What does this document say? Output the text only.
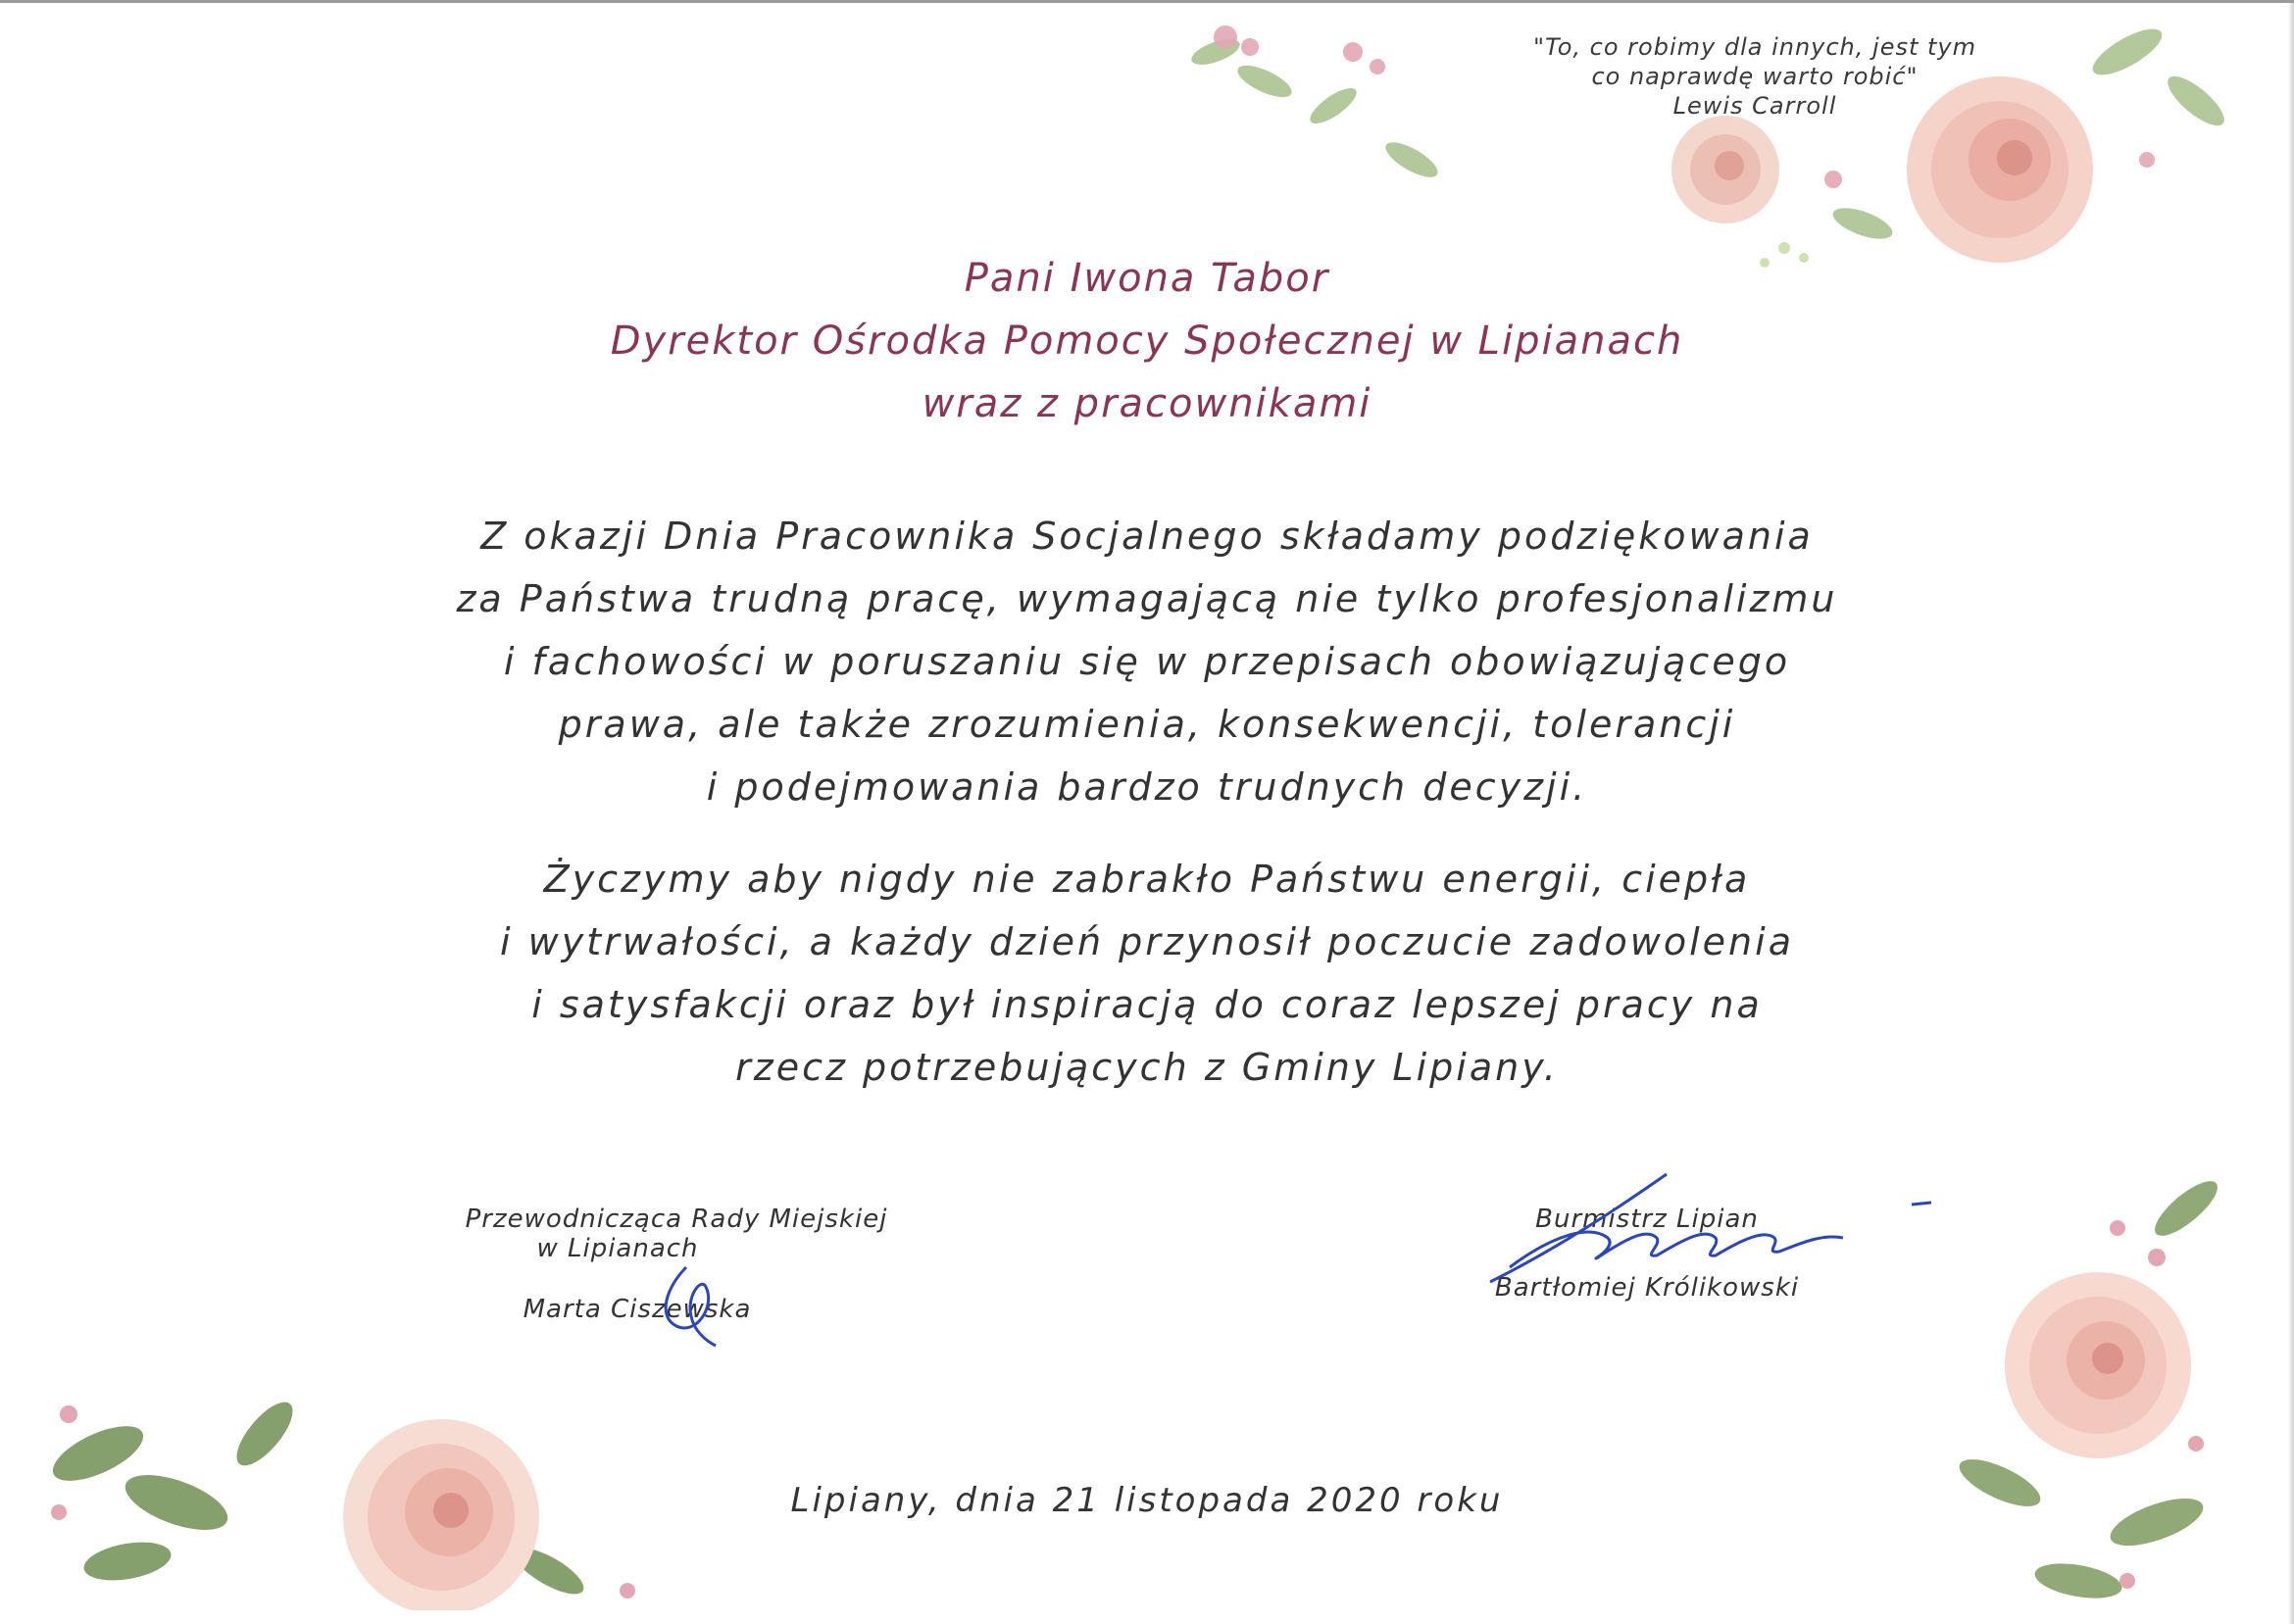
"To, co robimy dla innych, jest tym
co naprawdę warto robić"
Lewis Carroll
Pani Iwona Tabor
Dyrektor Ośrodka Pomocy Społecznej w Lipianach
wraz z pracownikami
Z okazji Dnia Pracownika Socjalnego składamy podziękowania
za Państwa trudną pracę, wymagającą nie tylko profesjonalizmu
i fachowości w poruszaniu się w przepisach obowiązującego
prawa, ale także zrozumienia, konsekwencji, tolerancji
i podejmowania bardzo trudnych decyzji.
Życzymy aby nigdy nie zabrakło Państwu energii, ciepła
i wytrwałości, a każdy dzień przynosił poczucie zadowolenia
i satysfakcji oraz był inspiracją do coraz lepszej pracy na
rzecz potrzebujących z Gminy Lipiany.
Przewodnicząca Rady Miejskiej
w Lipianach
Marta Ciszewska
Burmistrz Lipian
Bartłomiej Królikowski
Lipiany, dnia 21 listopada 2020 roku
